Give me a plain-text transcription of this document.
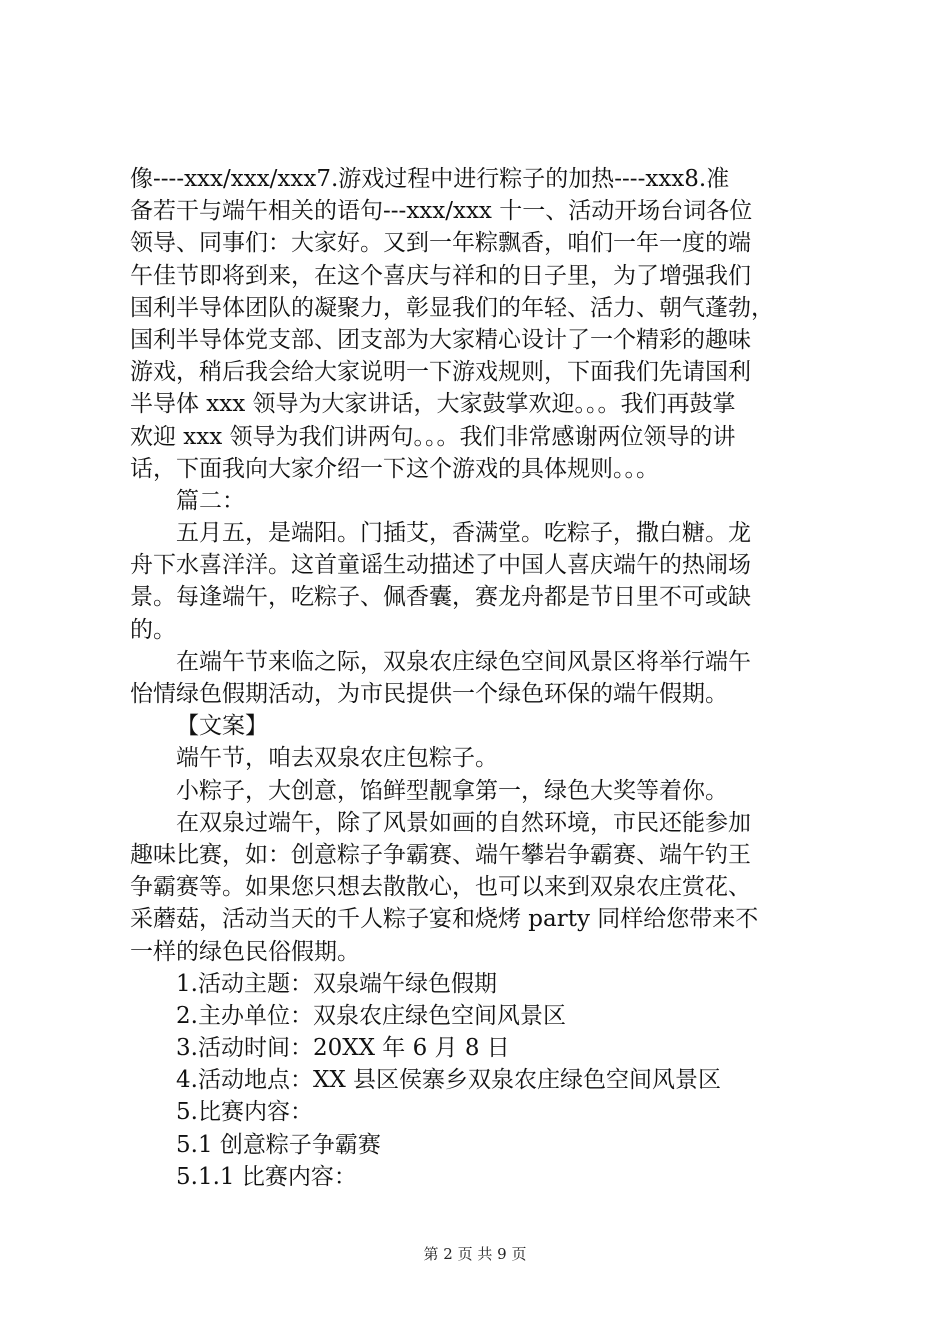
像----xxx/xxx/xxx7.游戏过程中进行粽子的加热----xxx8.准
备若干与端午相关的语句---xxx/xxx 十一、活动开场台词各位
领导、同事们：大家好。又到一年粽飘香，咱们一年一度的端
午佳节即将到来，在这个喜庆与祥和的日子里，为了增强我们
国利半导体团队的凝聚力，彰显我们的年轻、活力、朝气蓬勃，
国利半导体党支部、团支部为大家精心设计了一个精彩的趣味
游戏，稍后我会给大家说明一下游戏规则，下面我们先请国利
半导体 xxx 领导为大家讲话，大家鼓掌欢迎。。。我们再鼓掌
欢迎 xxx 领导为我们讲两句。。。我们非常感谢两位领导的讲
话，下面我向大家介绍一下这个游戏的具体规则。。。
篇二：
五月五，是端阳。门插艾，香满堂。吃粽子，撒白糖。龙
舟下水喜洋洋。这首童谣生动描述了中国人喜庆端午的热闹场
景。每逢端午，吃粽子、佩香囊，赛龙舟都是节日里不可或缺
的。
在端午节来临之际，双泉农庄绿色空间风景区将举行端午
怡情绿色假期活动，为市民提供一个绿色环保的端午假期。
【文案】
端午节，咱去双泉农庄包粽子。
小粽子，大创意，馅鲜型靓拿第一，绿色大奖等着你。
在双泉过端午，除了风景如画的自然环境，市民还能参加
趣味比赛，如：创意粽子争霸赛、端午攀岩争霸赛、端午钓王
争霸赛等。如果您只想去散散心，也可以来到双泉农庄赏花、
采蘑菇，活动当天的千人粽子宴和烧烤 party 同样给您带来不
一样的绿色民俗假期。
1.活动主题：双泉端午绿色假期
2.主办单位：双泉农庄绿色空间风景区
3.活动时间：20XX 年 6 月 8 日
4.活动地点：XX 县区侯寨乡双泉农庄绿色空间风景区
5.比赛内容：
5.1 创意粽子争霸赛
5.1.1 比赛内容：
第 2 页 共 9 页
